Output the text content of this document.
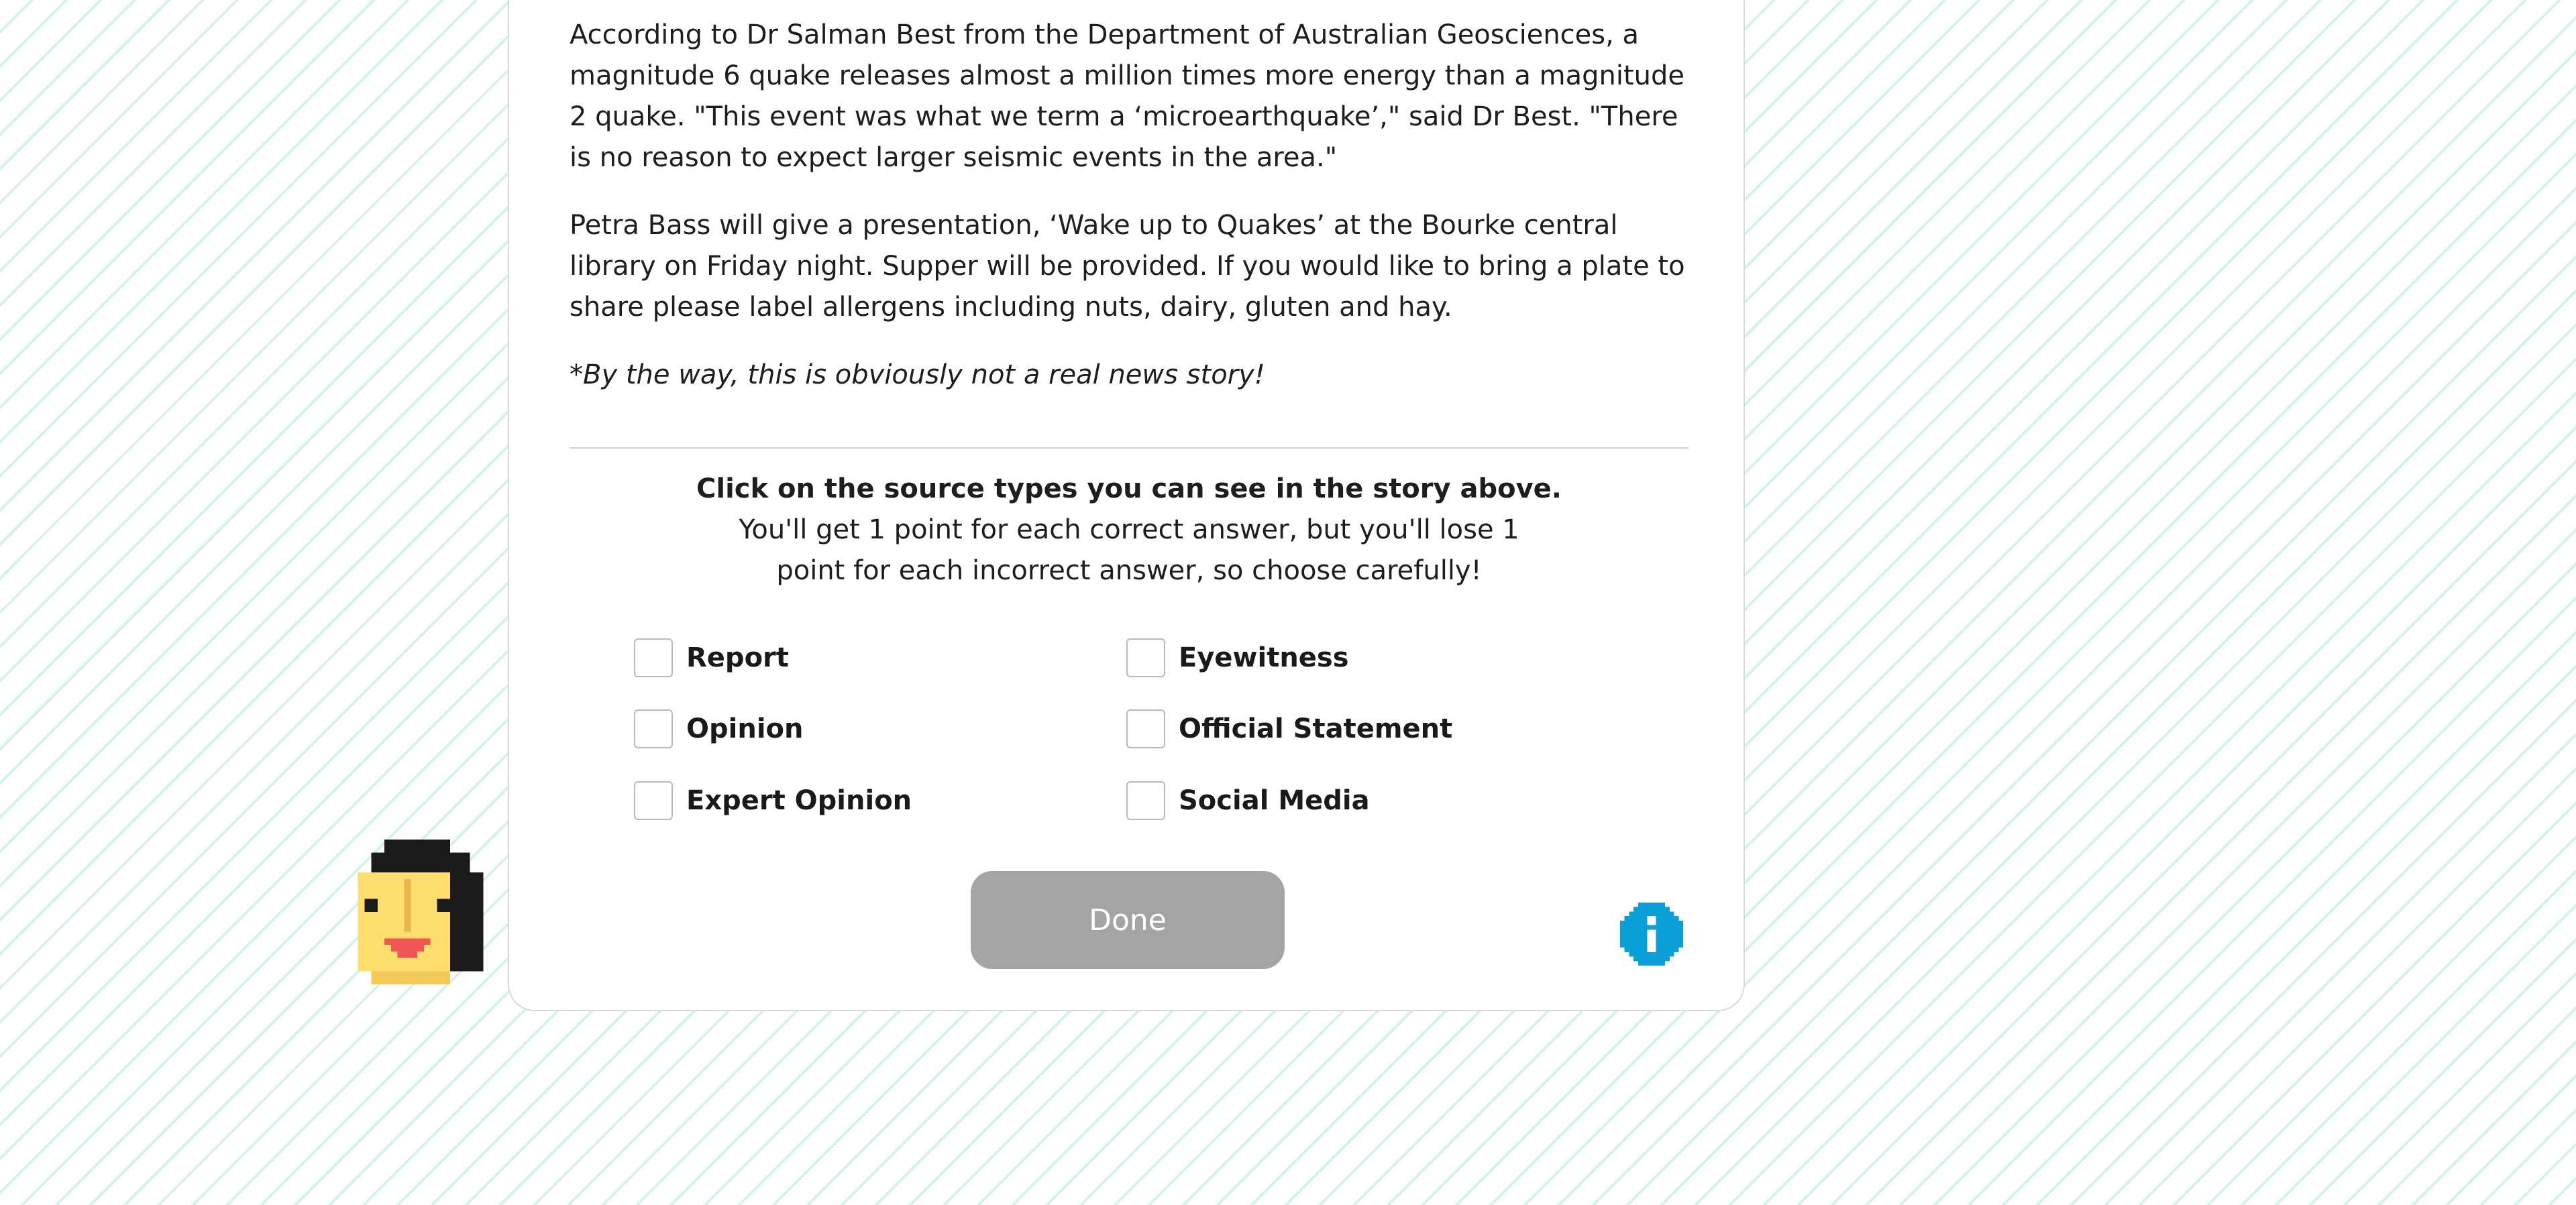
According to Dr Salman Best from the Department of Australian Geosciences, a magnitude 6 quake releases almost a million times more energy than a magnitude 2 quake. "This event was what we term a ‘microearthquake’," said Dr Best. "There is no reason to expect larger seismic events in the area."

Petra Bass will give a presentation, ‘Wake up to Quakes’ at the Bourke central library on Friday night. Supper will be provided. If you would like to bring a plate to share please label allergens including nuts, dairy, gluten and hay.

*By the way, this is obviously not a real news story!

Click on the source types you can see in the story above.
You'll get 1 point for each correct answer, but you'll lose 1 point for each incorrect answer, so choose carefully!
Report	Eyewitness
Opinion	Official Statement
Expert Opinion	Social Media
Done
